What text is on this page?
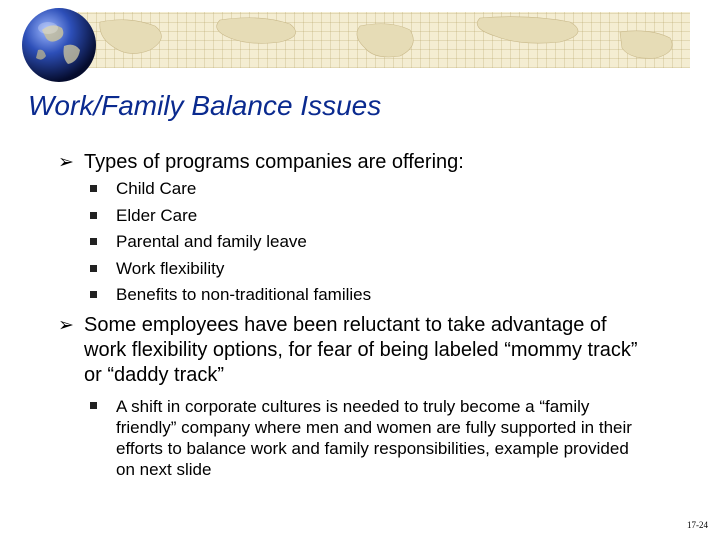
Work/Family Balance Issues
➢ Types of programs companies are offering:
Child Care
Elder Care
Parental and family leave
Work flexibility
Benefits to non-traditional families
➢ Some employees have been reluctant to take advantage of work flexibility options, for fear of being labeled “mommy track” or “daddy track”
A shift in corporate cultures is needed to truly become a “family friendly” company where men and women are fully supported in their efforts to balance work and family responsibilities, example provided on next slide
17-24
